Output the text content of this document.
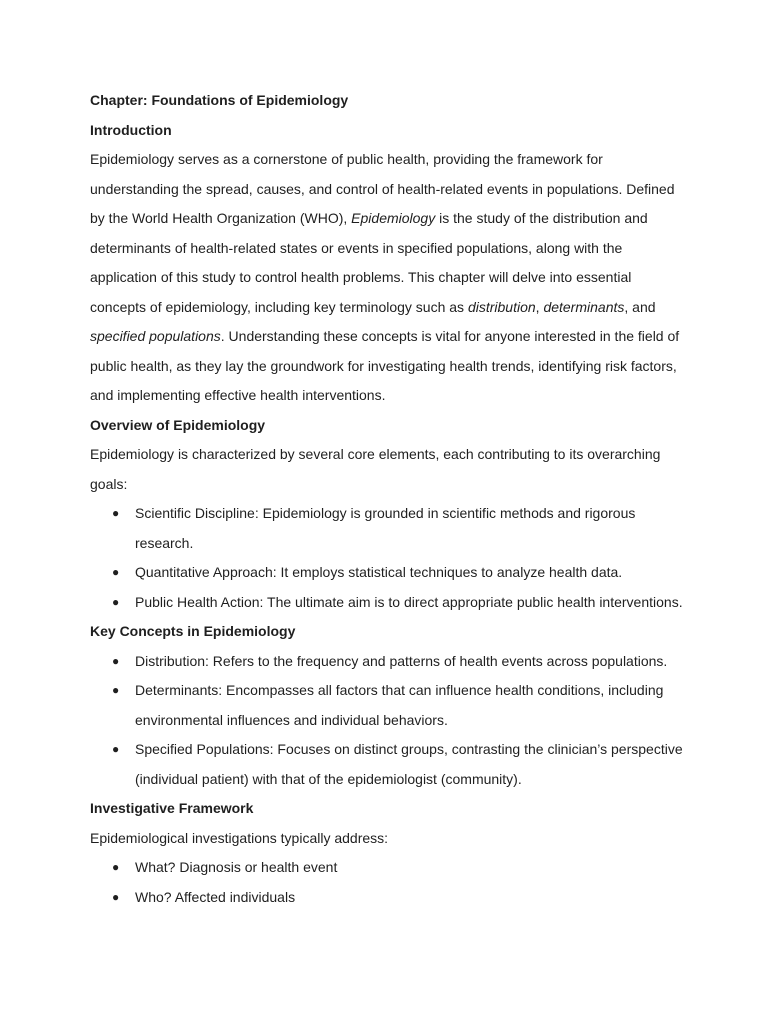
Chapter: Foundations of Epidemiology
Introduction

Epidemiology serves as a cornerstone of public health, providing the framework for understanding the spread, causes, and control of health-related events in populations. Defined by the World Health Organization (WHO), Epidemiology is the study of the distribution and determinants of health-related states or events in specified populations, along with the application of this study to control health problems. This chapter will delve into essential concepts of epidemiology, including key terminology such as distribution, determinants, and specified populations. Understanding these concepts is vital for anyone interested in the field of public health, as they lay the groundwork for investigating health trends, identifying risk factors, and implementing effective health interventions.

Overview of Epidemiology

Epidemiology is characterized by several core elements, each contributing to its overarching goals:

● Scientific Discipline: Epidemiology is grounded in scientific methods and rigorous research.
● Quantitative Approach: It employs statistical techniques to analyze health data.
● Public Health Action: The ultimate aim is to direct appropriate public health interventions.
Key Concepts in Epidemiology
● Distribution: Refers to the frequency and patterns of health events across populations.
● Determinants: Encompasses all factors that can influence health conditions, including environmental influences and individual behaviors.
● Specified Populations: Focuses on distinct groups, contrasting the clinician’s perspective (individual patient) with that of the epidemiologist (community).
Investigative Framework

Epidemiological investigations typically address:

● What? Diagnosis or health event
● Who? Affected individuals
